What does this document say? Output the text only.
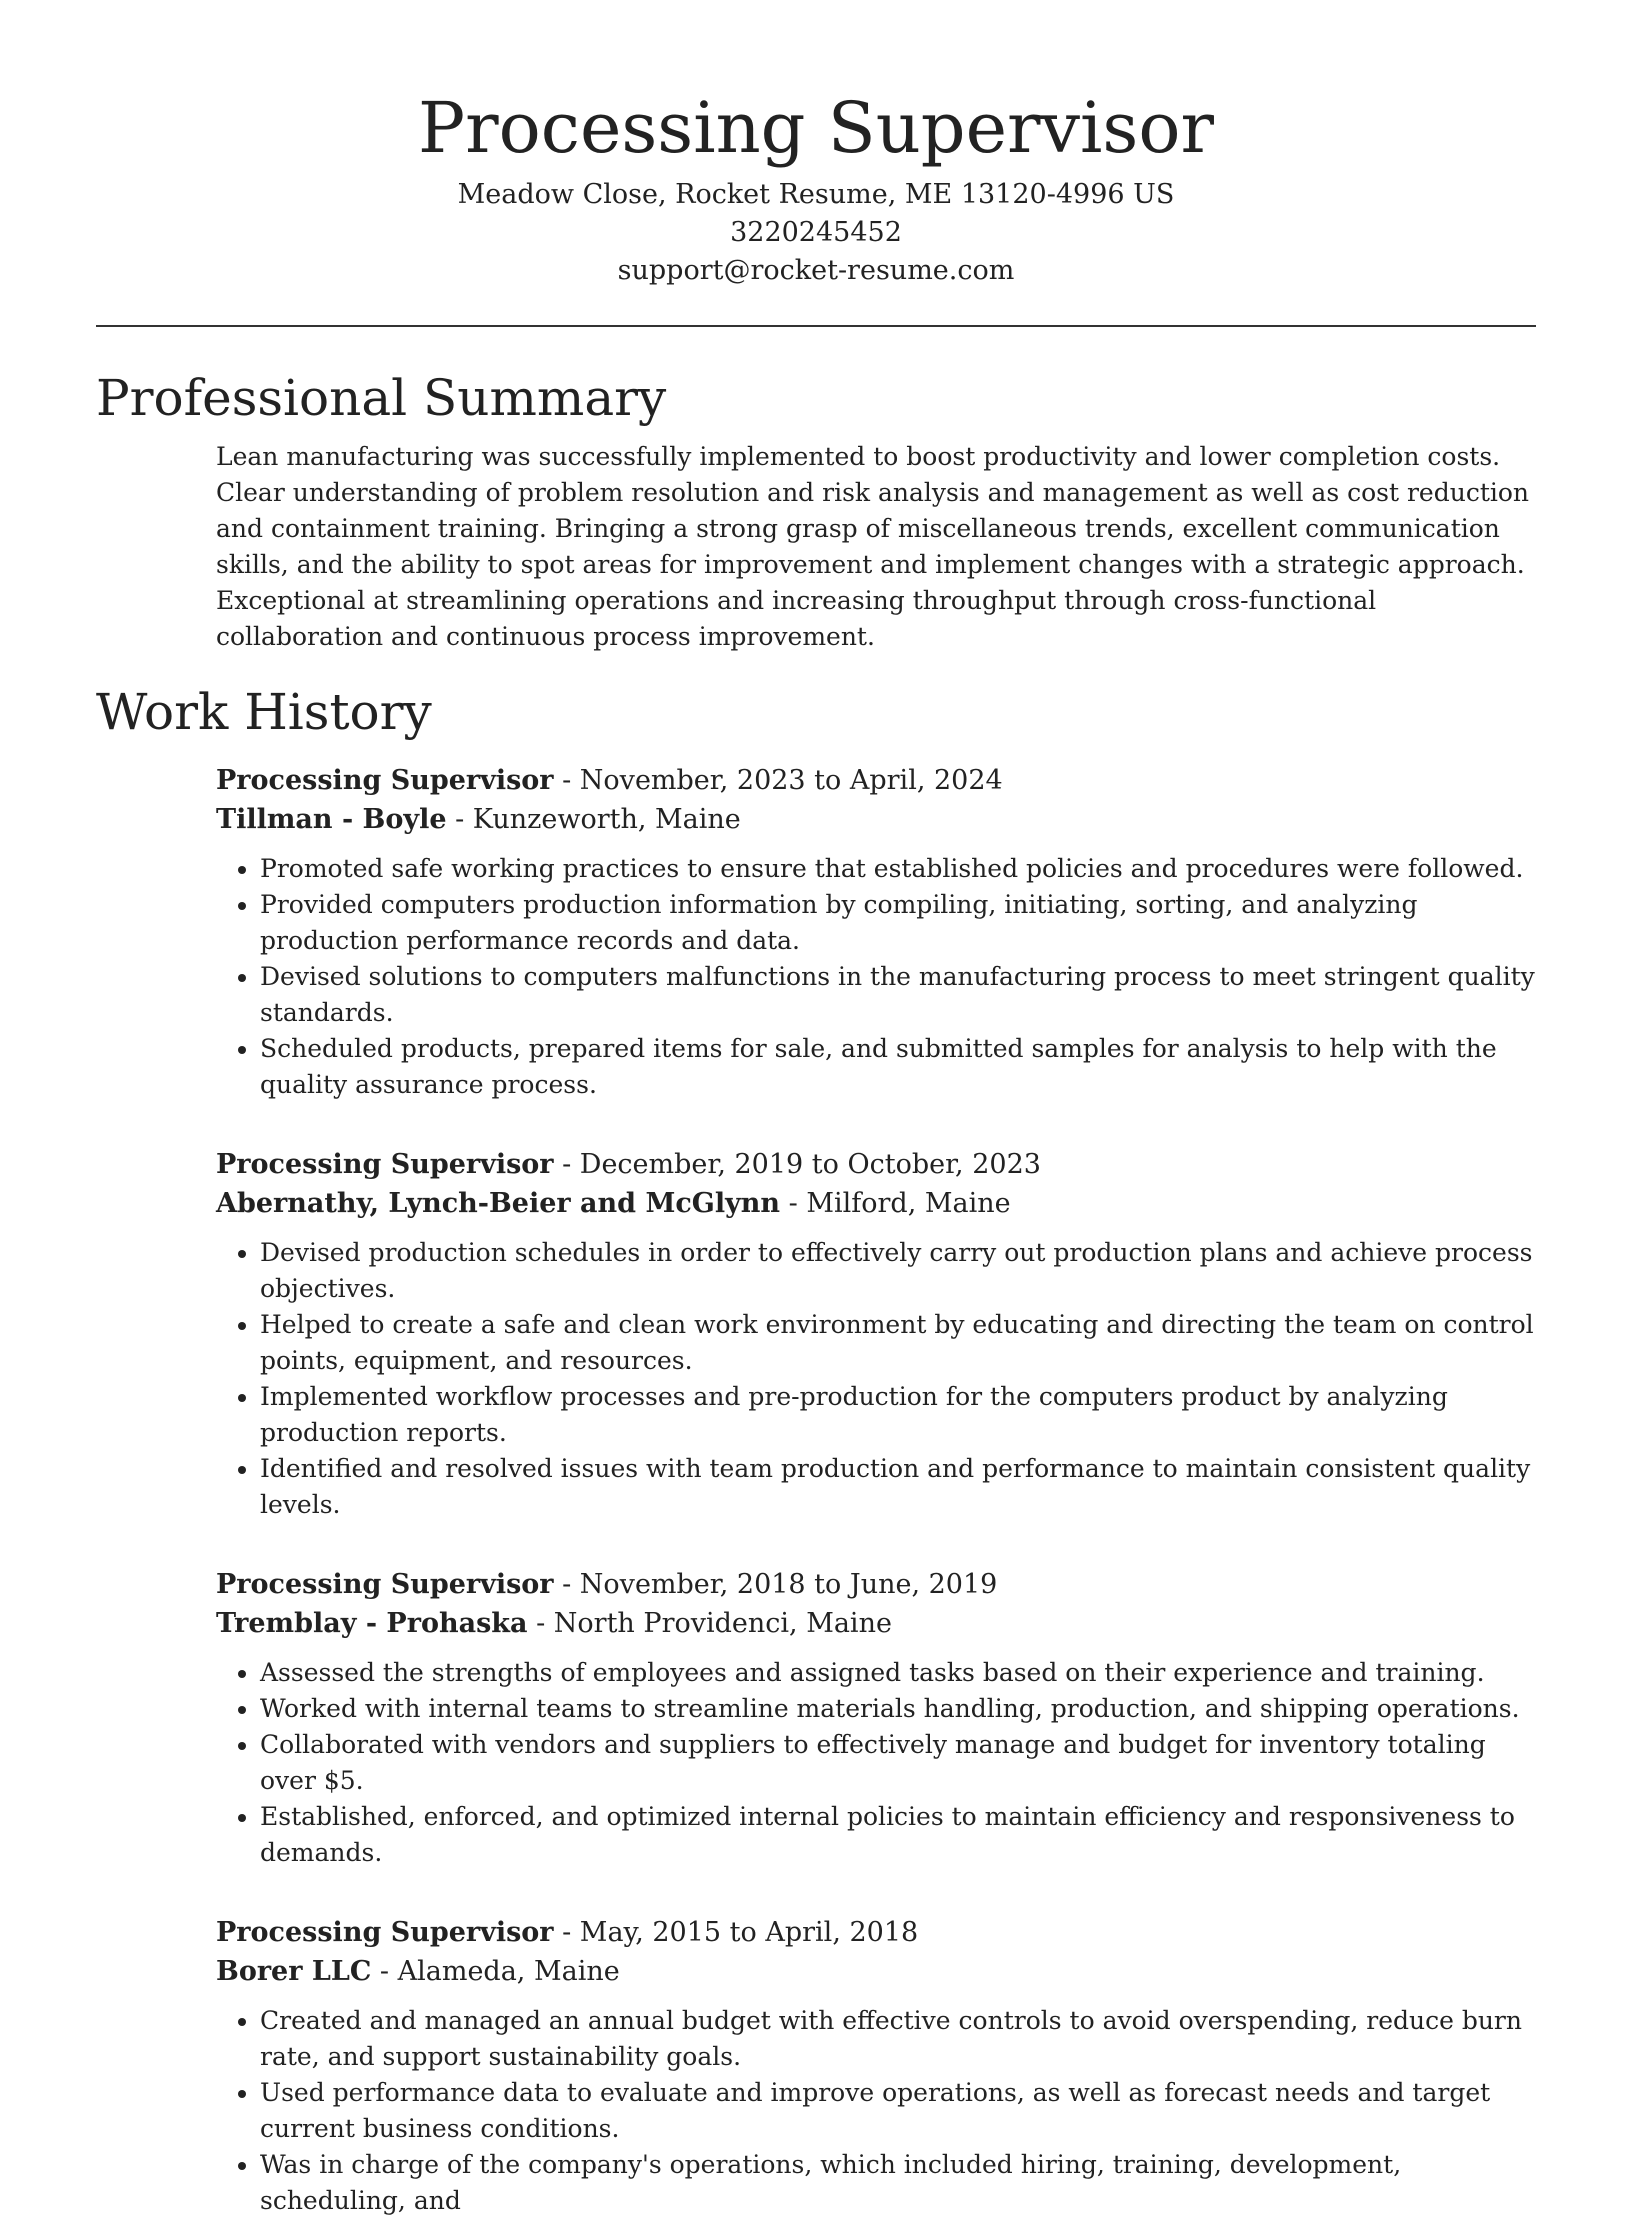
Processing Supervisor
Meadow Close, Rocket Resume, ME 13120-4996 US
3220245452
support@rocket-resume.com
Professional Summary

Lean manufacturing was successfully implemented to boost productivity and lower completion costs. Clear understanding of problem resolution and risk analysis and management as well as cost reduction and containment training. Bringing a strong grasp of miscellaneous trends, excellent communication skills, and the ability to spot areas for improvement and implement changes with a strategic approach. Exceptional at streamlining operations and increasing throughput through cross-functional collaboration and continuous process improvement.

Work History
Processing Supervisor - November, 2023 to April, 2024
Tillman - Boyle - Kunzeworth, Maine
• Promoted safe working practices to ensure that established policies and procedures were followed.
• Provided computers production information by compiling, initiating, sorting, and analyzing production performance records and data.
• Devised solutions to computers malfunctions in the manufacturing process to meet stringent quality standards.
• Scheduled products, prepared items for sale, and submitted samples for analysis to help with the quality assurance process.
Processing Supervisor - December, 2019 to October, 2023
Abernathy, Lynch-Beier and McGlynn - Milford, Maine
• Devised production schedules in order to effectively carry out production plans and achieve process objectives.
• Helped to create a safe and clean work environment by educating and directing the team on control points, equipment, and resources.
• Implemented workflow processes and pre-production for the computers product by analyzing production reports.
• Identified and resolved issues with team production and performance to maintain consistent quality levels.
Processing Supervisor - November, 2018 to June, 2019
Tremblay - Prohaska - North Providenci, Maine
• Assessed the strengths of employees and assigned tasks based on their experience and training.
• Worked with internal teams to streamline materials handling, production, and shipping operations.
• Collaborated with vendors and suppliers to effectively manage and budget for inventory totaling over $5.
• Established, enforced, and optimized internal policies to maintain efficiency and responsiveness to demands.
Processing Supervisor - May, 2015 to April, 2018
Borer LLC - Alameda, Maine
• Created and managed an annual budget with effective controls to avoid overspending, reduce burn rate, and support sustainability goals.
• Used performance data to evaluate and improve operations, as well as forecast needs and target current business conditions.
• Was in charge of the company's operations, which included hiring, training, development, scheduling, and
